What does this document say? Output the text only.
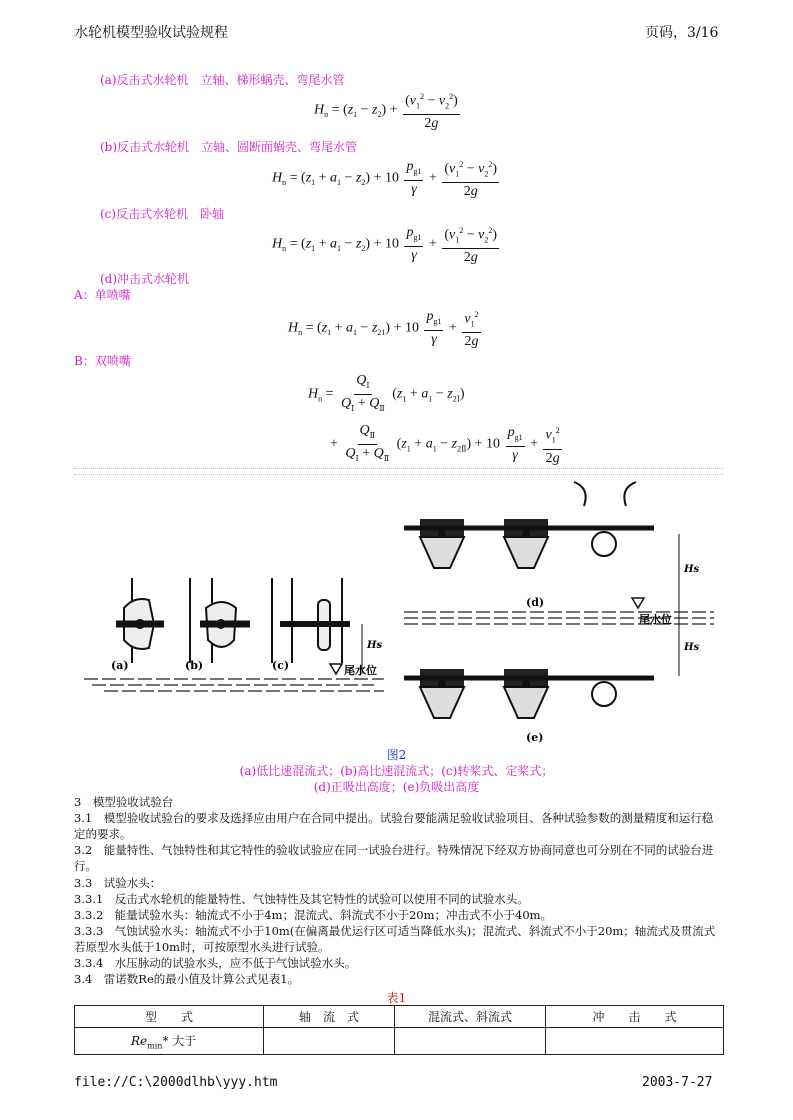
水轮机模型验收试验规程	页码，3/16
(a)反击式水轮机　立轴、梯形蜗壳、弯尾水管
$H_n = (z_1 - z_2) + \frac{(v_1^2 - v_2^2)}{2g}$
(b)反击式水轮机　立轴、圆断面蜗壳、弯尾水管
$H_n = (z_1 + a_1 - z_2) + 10 \frac{p_{g1}}{\gamma} + \frac{(v_1^2 - v_2^2)}{2g}$
(c)反击式水轮机　卧轴
$H_n = (z_1 + a_1 - z_2) + 10 \frac{p_{g1}}{\gamma} + \frac{(v_1^2 - v_2^2)}{2g}$
(d)冲击式水轮机
A：单喷嘴
$H_n = (z_1 + a_1 - z_{21}) + 10 \frac{p_{g1}}{\gamma} + \frac{v_1^2}{2g}$
B：双喷嘴
$H_n = \frac{Q_Ⅰ}{Q_Ⅰ + Q_Ⅱ} (z_1 + a_1 - z_{2Ⅰ})$
+ $\frac{Q_Ⅱ}{Q_Ⅰ + Q_Ⅱ} (z_1 + a_1 - z_{2Ⅱ}) + 10 \frac{p_{g1}}{\gamma} + \frac{v_1^2}{2g}$
(a)	(b)	(c)
Hs
尾水位
(d)
尾水位
Hs
Hs
(e)
图2
(a)低比速混流式；(b)高比速混流式；(c)转桨式、定桨式；
(d)正吸出高度；(e)负吸出高度
3　模型验收试验台
3.1　模型验收试验台的要求及选择应由用户在合同中提出。试验台要能满足验收试验项目、各种试验参数的测量精度和运行稳定的要求。
3.2　能量特性、气蚀特性和其它特性的验收试验应在同一试验台进行。特殊情况下经双方协商同意也可分别在不同的试验台进行。
3.3　试验水头：
3.3.1　反击式水轮机的能量特性、气蚀特性及其它特性的试验可以使用不同的试验水头。
3.3.2　能量试验水头：轴流式不小于4m；混流式、斜流式不小于20m；冲击式不小于40m。
3.3.3　气蚀试验水头：轴流式不小于10m(在偏离最优运行区可适当降低水头)；混流式、斜流式不小于20m；轴流式及贯流式若原型水头低于10m时，可按原型水头进行试验。
3.3.4　水压脉动的试验水头，应不低于气蚀试验水头。
3.4　雷诺数Re的最小值及计算公式见表1。
表1
型　　式	轴　流　式	混流式、斜流式	冲　　击　　式
$Re_{min}*$ 大于			
file://C:\2000dlhb\yyy.htm	2003-7-27
